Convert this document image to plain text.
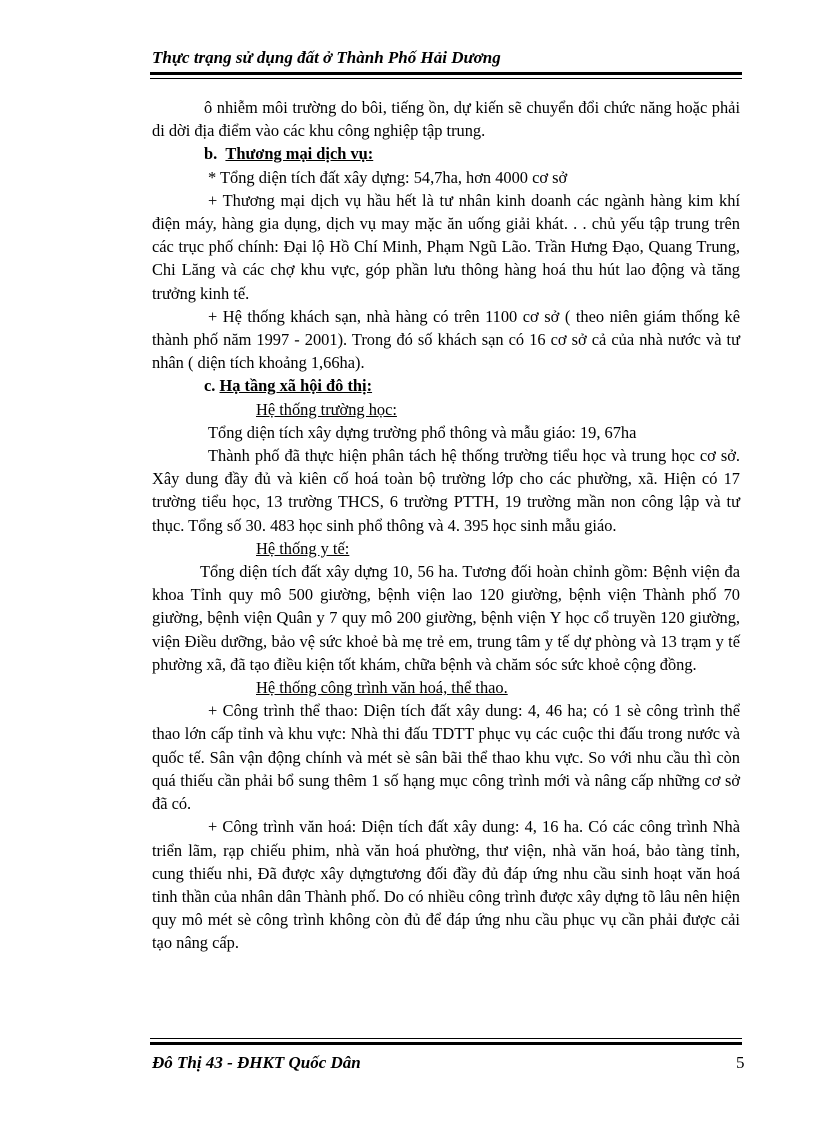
Thực trạng sử dụng đất ở Thành Phố Hải Dương

ô nhiễm môi trường do bôi, tiếng ồn, dự kiến sẽ chuyển đổi chức năng hoặc phải di dời địa điểm vào các khu công nghiệp tập trung.

b. Thương mại dịch vụ:

* Tổng diện tích đất xây dựng: 54,7ha, hơn 4000 cơ sở

+ Thương mại dịch vụ hầu hết là tư nhân kinh doanh các ngành hàng kim khí điện máy, hàng gia dụng, dịch vụ may mặc ăn uống giải khát. . . chủ yếu tập trung trên các trục phố chính: Đại lộ Hồ Chí Minh, Phạm Ngũ Lão. Trần Hưng Đạo, Quang Trung, Chi Lăng và các chợ khu vực, góp phần lưu thông hàng hoá thu hút lao động và tăng trưởng kinh tế.

+ Hệ thống khách sạn, nhà hàng có trên 1100 cơ sở ( theo niên giám thống kê thành phố năm 1997 - 2001). Trong đó số khách sạn có 16 cơ sở cả của nhà nước và tư nhân ( diện tích khoảng 1,66ha).

c. Hạ tầng xã hội đô thị:

Hệ thống trường học:

Tổng diện tích xây dựng trường phổ thông và mẫu giáo: 19, 67ha

Thành phố đã thực hiện phân tách hệ thống trường tiểu học và trung học cơ sở. Xây dung đầy đủ và kiên cố hoá toàn bộ trường lớp cho các phường, xã. Hiện có 17 trường tiểu học, 13 trường THCS, 6 trường PTTH, 19 trường mần non công lập và tư thục. Tổng số 30. 483 học sinh phổ thông và 4. 395 học sinh mẫu giáo.

Hệ thống y tế:

Tổng diện tích đất xây dựng 10, 56 ha. Tương đối hoàn chỉnh gồm: Bệnh viện đa khoa Tỉnh quy mô 500 giường, bệnh viện lao 120 giường, bệnh viện Thành phố 70 giường, bệnh viện Quân y 7 quy mô 200 giường, bệnh viện Y học cổ truyền 120 giường, viện Điều dưỡng, bảo vệ sức khoẻ bà mẹ trẻ em, trung tâm y tế dự phòng và 13 trạm y tế phường xã, đã tạo điều kiện tốt khám, chữa bệnh và chăm sóc sức khoẻ cộng đồng.

Hệ thống công trình văn hoá, thể thao.

+ Công trình thể thao: Diện tích đất xây dung: 4, 46 ha; có 1 sè công trình thể thao lớn cấp tỉnh và khu vực: Nhà thi đấu TDTT phục vụ các cuộc thi đấu trong nước và quốc tế. Sân vận động chính và mét sè sân bãi thể thao khu vực. So với nhu cầu thì còn quá thiếu cần phải bổ sung thêm 1 số hạng mục công trình mới và nâng cấp những cơ sở đã có.

+ Công trình văn hoá: Diện tích đất xây dung: 4, 16 ha. Có các công trình Nhà triển lãm, rạp chiếu phim, nhà văn hoá phường, thư viện, nhà văn hoá, bảo tàng tỉnh, cung thiếu nhi, Đã được xây dựngtương đối đầy đủ đáp ứng nhu cầu sinh hoạt văn hoá tinh thần của nhân dân Thành phố. Do có nhiều công trình được xây dựng tõ lâu nên hiện quy mô mét sè công trình không còn đủ để đáp ứng nhu cầu phục vụ cần phải được cải tạo nâng cấp.

Đô Thị 43 - ĐHKT Quốc Dân	5
